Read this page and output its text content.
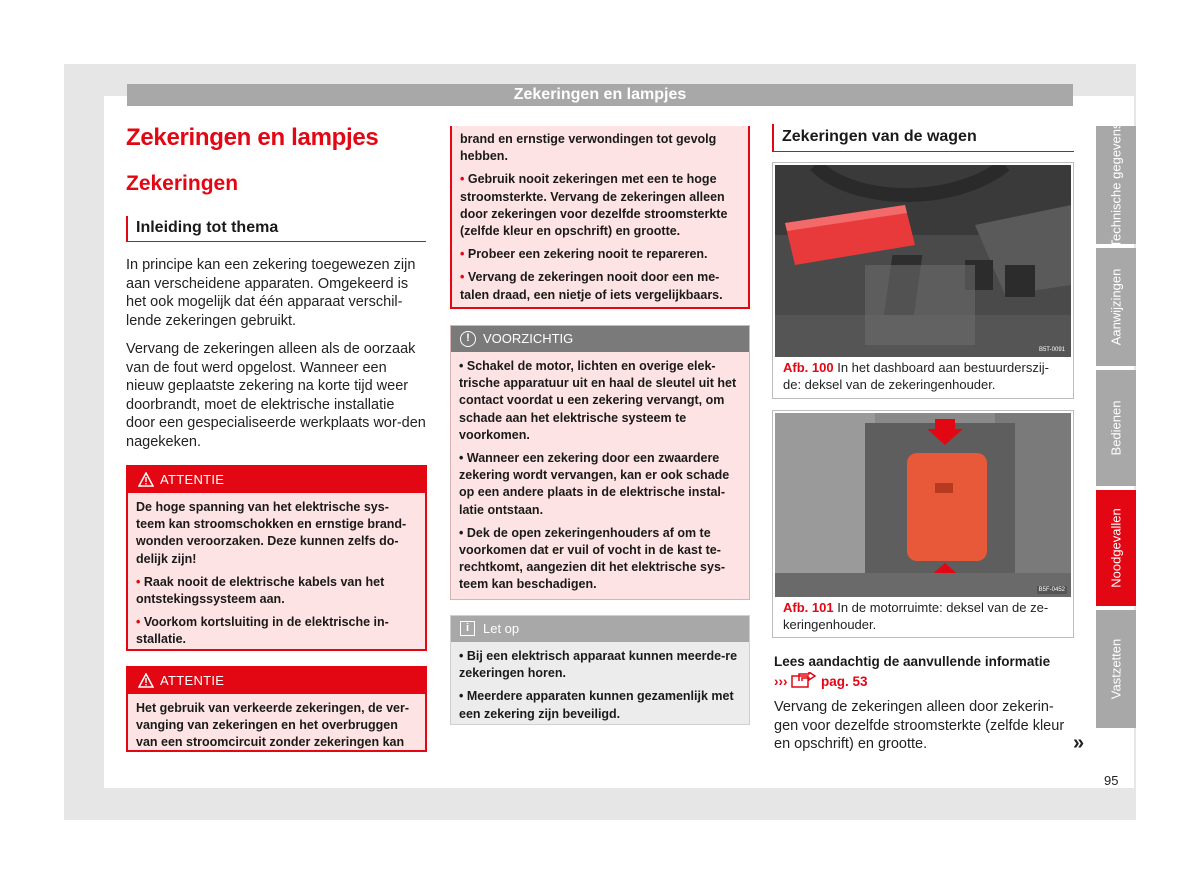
Zekeringen en lampjes
Zekeringen en lampjes
Zekeringen
Inleiding tot thema
In principe kan een zekering toegewezen zijn aan verscheidene apparaten. Omgekeerd is het ook mogelijk dat één apparaat verschil-lende zekeringen gebruikt.
Vervang de zekeringen alleen als de oorzaak van de fout werd opgelost. Wanneer een nieuw geplaatste zekering na korte tijd weer doorbrandt, moet de elektrische installatie door een gespecialiseerde werkplaats wor-den nagekeken.
ATTENTIE

De hoge spanning van het elektrische sys-teem kan stroomschokken en ernstige brand-wonden veroorzaken. Deze kunnen zelfs do-delijk zijn!

• Raak nooit de elektrische kabels van het ontstekingssysteem aan.

• Voorkom kortsluiting in de elektrische in-stallatie.

ATTENTIE

Het gebruik van verkeerde zekeringen, de ver-vanging van zekeringen en het overbruggen van een stroomcircuit zonder zekeringen kan

brand en ernstige verwondingen tot gevolg hebben.

• Gebruik nooit zekeringen met een te hoge stroomsterkte. Vervang de zekeringen alleen door zekeringen voor dezelfde stroomsterkte (zelfde kleur en opschrift) en grootte.

• Probeer een zekering nooit te repareren.

• Vervang de zekeringen nooit door een me-talen draad, een nietje of iets vergelijkbaars.

!	VOORZICHTIG

• Schakel de motor, lichten en overige elek-trische apparatuur uit en haal de sleutel uit het contact voordat u een zekering vervangt, om schade aan het elektrische systeem te voorkomen.

• Wanneer een zekering door een zwaardere zekering wordt vervangen, kan er ook schade op een andere plaats in de elektrische instal-latie ontstaan.

• Dek de open zekeringenhouders af om te voorkomen dat er vuil of vocht in de kast te-rechtkomt, aangezien dit het elektrische sys-teem kan beschadigen.

i	Let op

• Bij een elektrisch apparaat kunnen meerde-re zekeringen horen.

• Meerdere apparaten kunnen gezamenlijk met een zekering zijn beveiligd.

Zekeringen van de wagen
B5T-0091
Afb. 100 In het dashboard aan bestuurderszij-de: deksel van de zekeringenhouder.
B5F-0452
Afb. 101 In de motorruimte: deksel van de ze-keringenhouder.
Lees aandachtig de aanvullende informatie
››› pag. 53
Vervang de zekeringen alleen door zekerin-gen voor dezelfde stroomsterkte (zelfde kleur en opschrift) en grootte.	»
Technische gegevens
Aanwijzingen
Bedienen
Noodgevallen
Vastzetten
95
